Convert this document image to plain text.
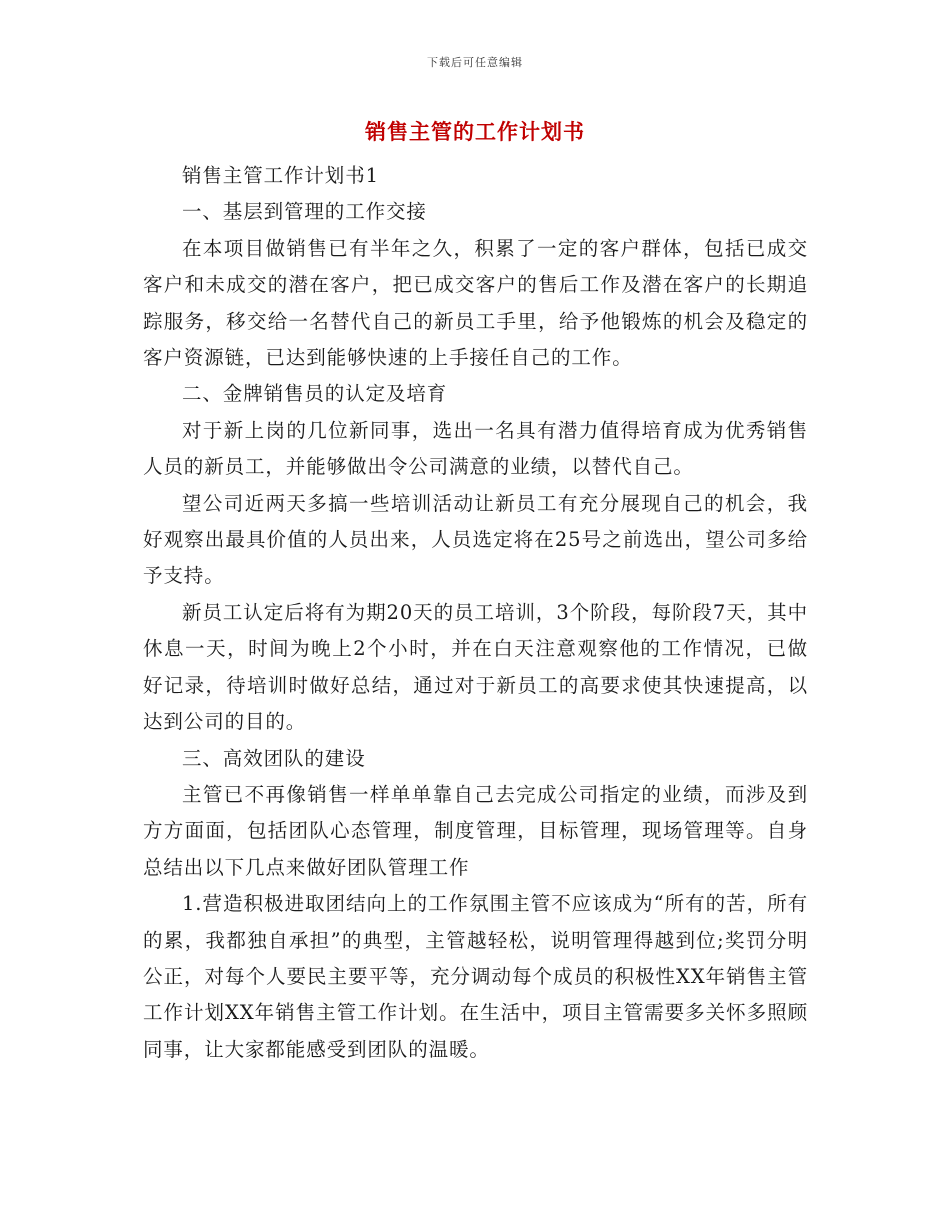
下载后可任意编辑
销售主管的工作计划书

销售主管工作计划书1

一、基层到管理的工作交接

在本项目做销售已有半年之久，积累了一定的客户群体，包括已成交客户和未成交的潜在客户，把已成交客户的售后工作及潜在客户的长期追踪服务，移交给一名替代自己的新员工手里，给予他锻炼的机会及稳定的客户资源链，已达到能够快速的上手接任自己的工作。

二、金牌销售员的认定及培育

对于新上岗的几位新同事，选出一名具有潜力值得培育成为优秀销售人员的新员工，并能够做出令公司满意的业绩，以替代自己。

望公司近两天多搞一些培训活动让新员工有充分展现自己的机会，我好观察出最具价值的人员出来，人员选定将在25号之前选出，望公司多给予支持。

新员工认定后将有为期20天的员工培训，3个阶段，每阶段7天，其中休息一天，时间为晚上2个小时，并在白天注意观察他的工作情况，已做好记录，待培训时做好总结，通过对于新员工的高要求使其快速提高，以达到公司的目的。

三、高效团队的建设

主管已不再像销售一样单单靠自己去完成公司指定的业绩，而涉及到方方面面，包括团队心态管理，制度管理，目标管理，现场管理等。自身总结出以下几点来做好团队管理工作

1.营造积极进取团结向上的工作氛围主管不应该成为“所有的苦，所有的累，我都独自承担”的典型，主管越轻松，说明管理得越到位;奖罚分明公正，对每个人要民主要平等，充分调动每个成员的积极性XX年销售主管工作计划XX年销售主管工作计划。在生活中，项目主管需要多关怀多照顾同事，让大家都能感受到团队的温暖。
